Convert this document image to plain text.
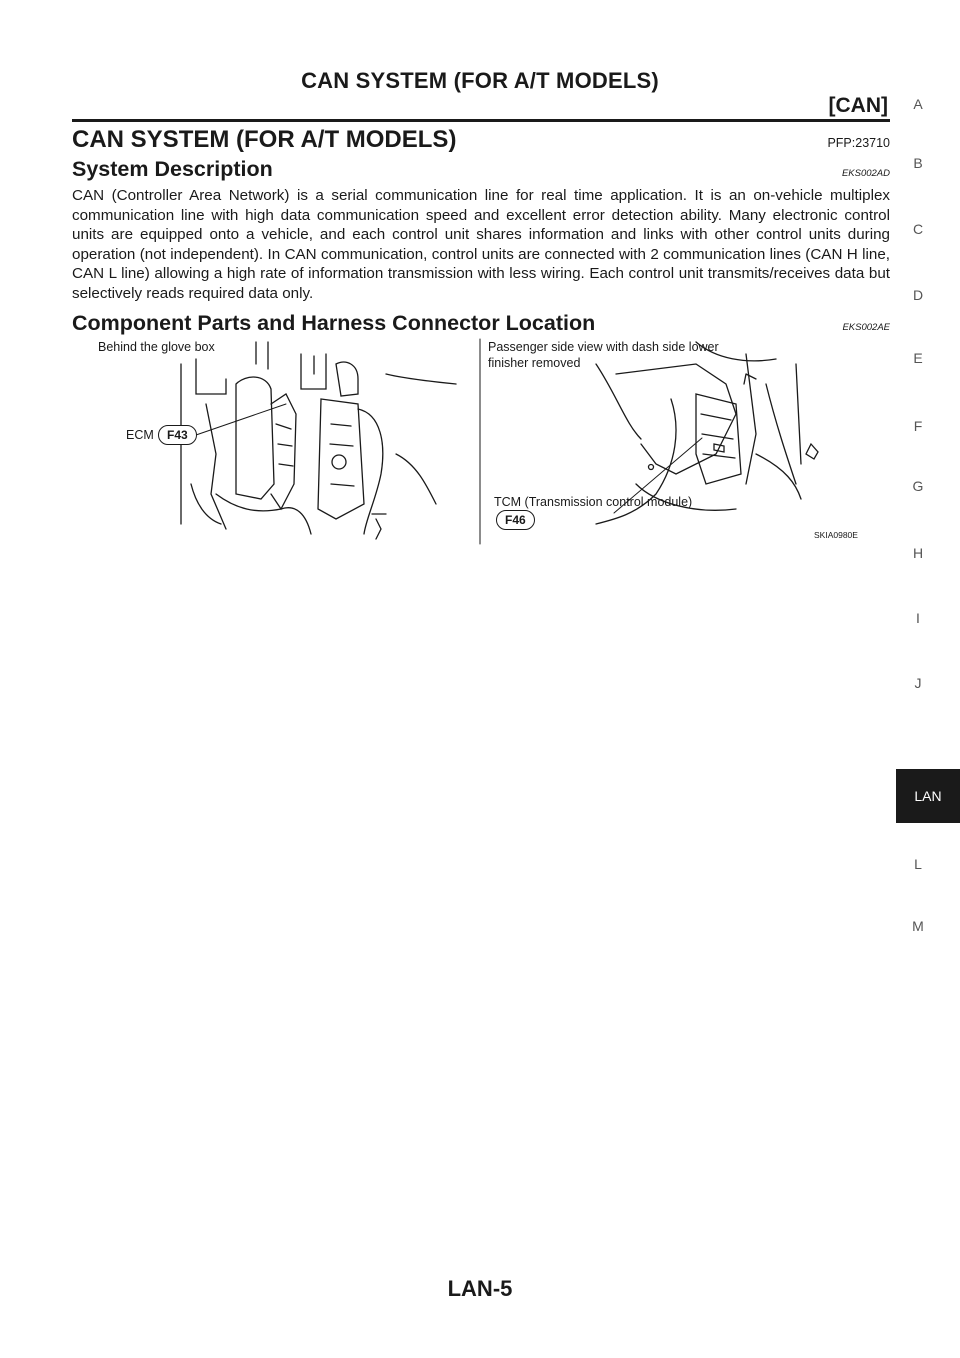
CAN SYSTEM (FOR A/T MODELS)
[CAN]
CAN SYSTEM (FOR A/T MODELS)	PFP:23710
System Description	EKS002AD
CAN (Controller Area Network) is a serial communication line for real time application. It is an on-vehicle multiplex communication line with high data communication speed and excellent error detection ability. Many electronic control units are equipped onto a vehicle, and each control unit shares information and links with other control units during operation (not independent). In CAN communication, control units are connected with 2 communication lines (CAN H line, CAN L line) allowing a high rate of information transmission with less wiring. Each control unit transmits/receives data but selectively reads required data only.
Component Parts and Harness Connector Location	EKS002AE
Behind the glove box
ECM	F43
Passenger side view with dash side lower
finisher removed
TCM (Transmission control module)
F46
SKIA0980E
A
B
C
D
E
F
G
H
I
J
LAN
L
M
LAN-5
